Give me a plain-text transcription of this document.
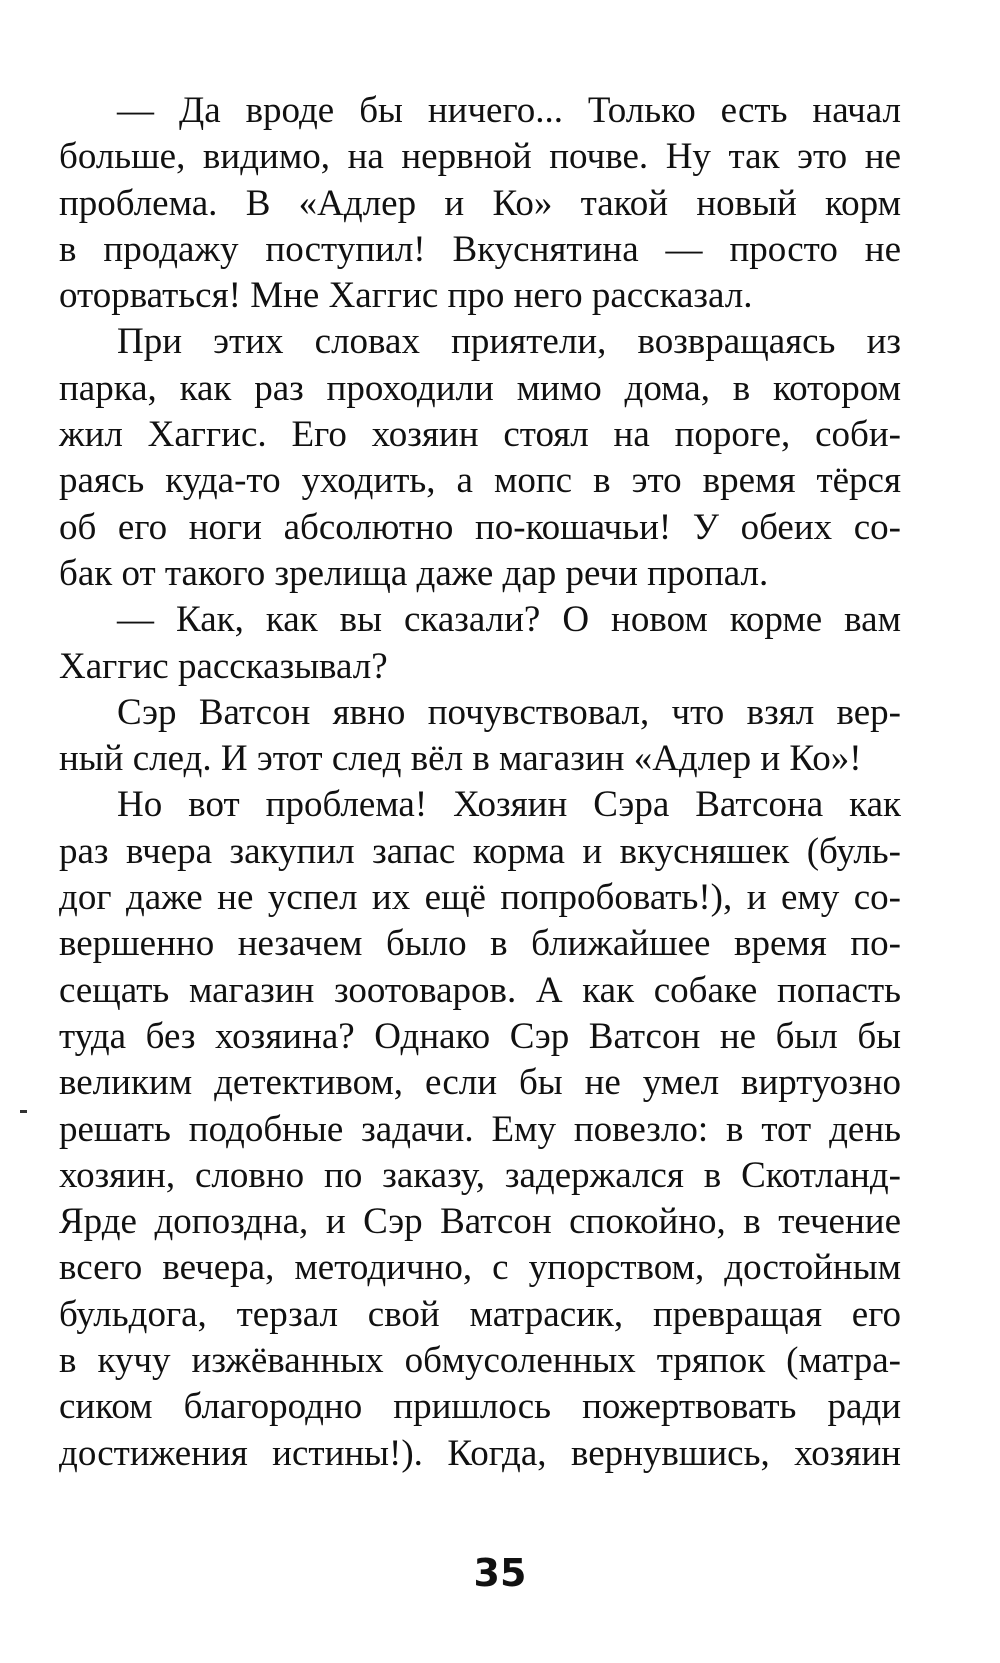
— Да вроде бы ничего... Только есть начал
больше, видимо, на нервной почве. Ну так это не
проблема. В «Адлер и Ко» такой новый корм
в продажу поступил! Вкуснятина — просто не
оторваться! Мне Хаггис про него рассказал.
При этих словах приятели, возвращаясь из
парка, как раз проходили мимо дома, в котором
жил Хаггис. Его хозяин стоял на пороге, соби-
раясь куда-то уходить, а мопс в это время тёрся
об его ноги абсолютно по-кошачьи! У обеих со-
бак от такого зрелища даже дар речи пропал.
— Как, как вы сказали? О новом корме вам
Хаггис рассказывал?
Сэр Ватсон явно почувствовал, что взял вер-
ный след. И этот след вёл в магазин «Адлер и Ко»!
Но вот проблема! Хозяин Сэра Ватсона как
раз вчера закупил запас корма и вкусняшек (буль-
дог даже не успел их ещё попробовать!), и ему со-
вершенно незачем было в ближайшее время по-
сещать магазин зоотоваров. А как собаке попасть
туда без хозяина? Однако Сэр Ватсон не был бы
великим детективом, если бы не умел виртуозно
решать подобные задачи. Ему повезло: в тот день
хозяин, словно по заказу, задержался в Скотланд-
Ярде допоздна, и Сэр Ватсон спокойно, в течение
всего вечера, методично, с упорством, достойным
бульдога, терзал свой матрасик, превращая его
в кучу изжёванных обмусоленных тряпок (матра-
сиком благородно пришлось пожертвовать ради
достижения истины!). Когда, вернувшись, хозяин
35
